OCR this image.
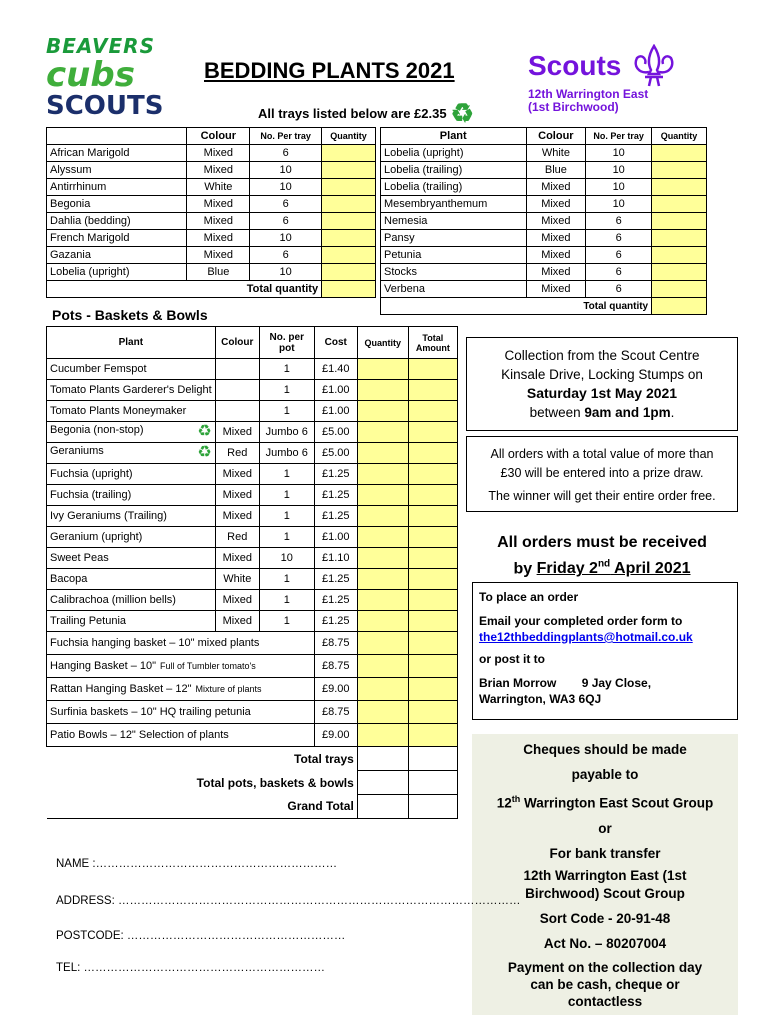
BEAVERS
cubs
SCOUTS
BEDDING PLANTS 2021	Scouts
12th Warrington East
(1st Birchwood)
All trays listed below are £2.35 ♻
	Colour	No. Per tray	Quantity
African Marigold	Mixed	6	
Alyssum	Mixed	10	
Antirrhinum	White	10	
Begonia	Mixed	6	
Dahlia (bedding)	Mixed	6	
French Marigold	Mixed	10	
Gazania	Mixed	6	
Lobelia (upright)	Blue	10	
Total quantity			
Plant	Colour	No. Per tray	Quantity
Lobelia (upright)	White	10	
Lobelia (trailing)	Blue	10	
Lobelia (trailing)	Mixed	10	
Mesembryanthemum	Mixed	10	
Nemesia	Mixed	6	
Pansy	Mixed	6	
Petunia	Mixed	6	
Stocks	Mixed	6	
Verbena	Mixed	6	
Total quantity			
Pots - Baskets & Bowls
Plant	Colour	No. per pot	Cost	Quantity	Total Amount
Cucumber Femspot		1	£1.40		
Tomato Plants Garderer's Delight		1	£1.00		
Tomato Plants Moneymaker		1	£1.00		
Begonia (non-stop) ♻	Mixed	Jumbo 6	£5.00		
Geraniums ♻	Red	Jumbo 6	£5.00		
Fuchsia (upright)	Mixed	1	£1.25		
Fuchsia (trailing)	Mixed	1	£1.25		
Ivy Geraniums (Trailing)	Mixed	1	£1.25		
Geranium (upright)	Red	1	£1.00		
Sweet Peas	Mixed	10	£1.10		
Bacopa	White	1	£1.25		
Calibrachoa (million bells)	Mixed	1	£1.25		
Trailing Petunia	Mixed	1	£1.25		
Fuchsia hanging basket – 10" mixed plants			£8.75		
Hanging Basket – 10" Full of Tumbler tomato's			£8.75		
Rattan Hanging Basket – 12" Mixture of plants			£9.00		
Surfinia baskets – 10" HQ trailing petunia			£8.75		
Patio Bowls – 12" Selection of plants			£9.00		
Total trays					
Total pots, baskets & bowls					
Grand Total					
Collection from the Scout Centre
Kinsale Drive, Locking Stumps on
Saturday 1st May 2021
between 9am and 1pm.
All orders with a total value of more than
£30 will be entered into a prize draw.
The winner will get their entire order free.
All orders must be received
by Friday 2nd April 2021
To place an order
Email your completed order form to
the12thbeddingplants@hotmail.co.uk
or post it to
Brian Morrow 9 Jay Close,
Warrington, WA3 6QJ
Cheques should be made
payable to
12th Warrington East Scout Group
or
For bank transfer
12th Warrington East (1st
Birchwood) Scout Group
Sort Code - 20-91-48
Act No. – 80207004
Payment on the collection day
can be cash, cheque or
contactless
NAME :………………………………………………………
ADDRESS: ……………………………………………………………………………………………
POSTCODE: …………………………………………………
TEL: ………………………………………………………
